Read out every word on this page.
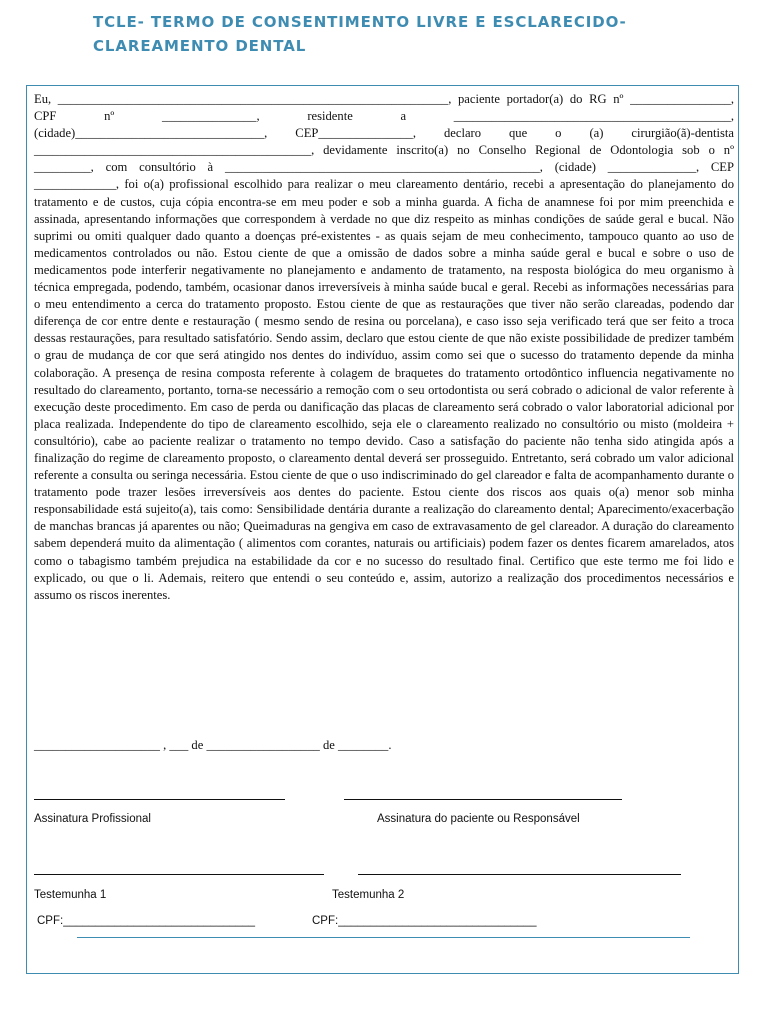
TCLE- TERMO DE CONSENTIMENTO LIVRE E ESCLARECIDO-
CLAREAMENTO DENTAL

Eu, ______________________________________________________________, paciente portador(a) do RG nº ________________, CPF nº _______________, residente a ____________________________________________, (cidade)______________________________, CEP_______________, declaro que o (a) cirurgião(ã)-dentista ____________________________________________, devidamente inscrito(a) no Conselho Regional de Odontologia sob o nº _________, com consultório à __________________________________________________, (cidade) ______________, CEP _____________, foi o(a) profissional escolhido para realizar o meu clareamento dentário, recebi a apresentação do planejamento do tratamento e de custos, cuja cópia encontra-se em meu poder e sob a minha guarda. A ficha de anamnese foi por mim preenchida e assinada, apresentando informações que correspondem à verdade no que diz respeito as minhas condições de saúde geral e bucal. Não suprimi ou omiti qualquer dado quanto a doenças pré-existentes - as quais sejam de meu conhecimento, tampouco quanto ao uso de medicamentos controlados ou não. Estou ciente de que a omissão de dados sobre a minha saúde geral e bucal e sobre o uso de medicamentos pode interferir negativamente no planejamento e andamento de tratamento, na resposta biológica do meu organismo à técnica empregada, podendo, também, ocasionar danos irreversíveis à minha saúde bucal e geral. Recebi as informações necessárias para o meu entendimento a cerca do tratamento proposto. Estou ciente de que as restaurações que tiver não serão clareadas, podendo dar diferença de cor entre dente e restauração ( mesmo sendo de resina ou porcelana), e caso isso seja verificado terá que ser feito a troca dessas restaurações, para resultado satisfatório. Sendo assim, declaro que estou ciente de que não existe possibilidade de predizer também o grau de mudança de cor que será atingido nos dentes do indivíduo, assim como sei que o sucesso do tratamento depende da minha colaboração. A presença de resina composta referente à colagem de braquetes do tratamento ortodôntico influencia negativamente no resultado do clareamento, portanto, torna-se necessário a remoção com o seu ortodontista ou será cobrado o adicional de valor referente à execução deste procedimento. Em caso de perda ou danificação das placas de clareamento será cobrado o valor laboratorial adicional por placa realizada. Independente do tipo de clareamento escolhido, seja ele o clareamento realizado no consultório ou misto (moldeira + consultório), cabe ao paciente realizar o tratamento no tempo devido. Caso a satisfação do paciente não tenha sido atingida após a finalização do regime de clareamento proposto, o clareamento dental deverá ser prosseguido. Entretanto, será cobrado um valor adicional referente a consulta ou seringa necessária. Estou ciente de que o uso indiscriminado do gel clareador e falta de acompanhamento durante o tratamento pode trazer lesões irreversíveis aos dentes do paciente. Estou ciente dos riscos aos quais o(a) menor sob minha responsabilidade está sujeito(a), tais como: Sensibilidade dentária durante a realização do clareamento dental; Aparecimento/exacerbação de manchas brancas já aparentes ou não; Queimaduras na gengiva em caso de extravasamento de gel clareador. A duração do clareamento sabem dependerá muito da alimentação ( alimentos com corantes, naturais ou artificiais) podem fazer os dentes ficarem amarelados, atos como o tabagismo também prejudica na estabilidade da cor e no sucesso do resultado final. Certifico que este termo me foi lido e explicado, ou que o li. Ademais, reitero que entendi o seu conteúdo e, assim, autorizo a realização dos procedimentos necessários e assumo os riscos inerentes.

____________________ , ___ de __________________ de ________.
Assinatura Profissional	Assinatura do paciente ou Responsável
Testemunha 1	Testemunha 2
CPF:______________________________	CPF:_______________________________
